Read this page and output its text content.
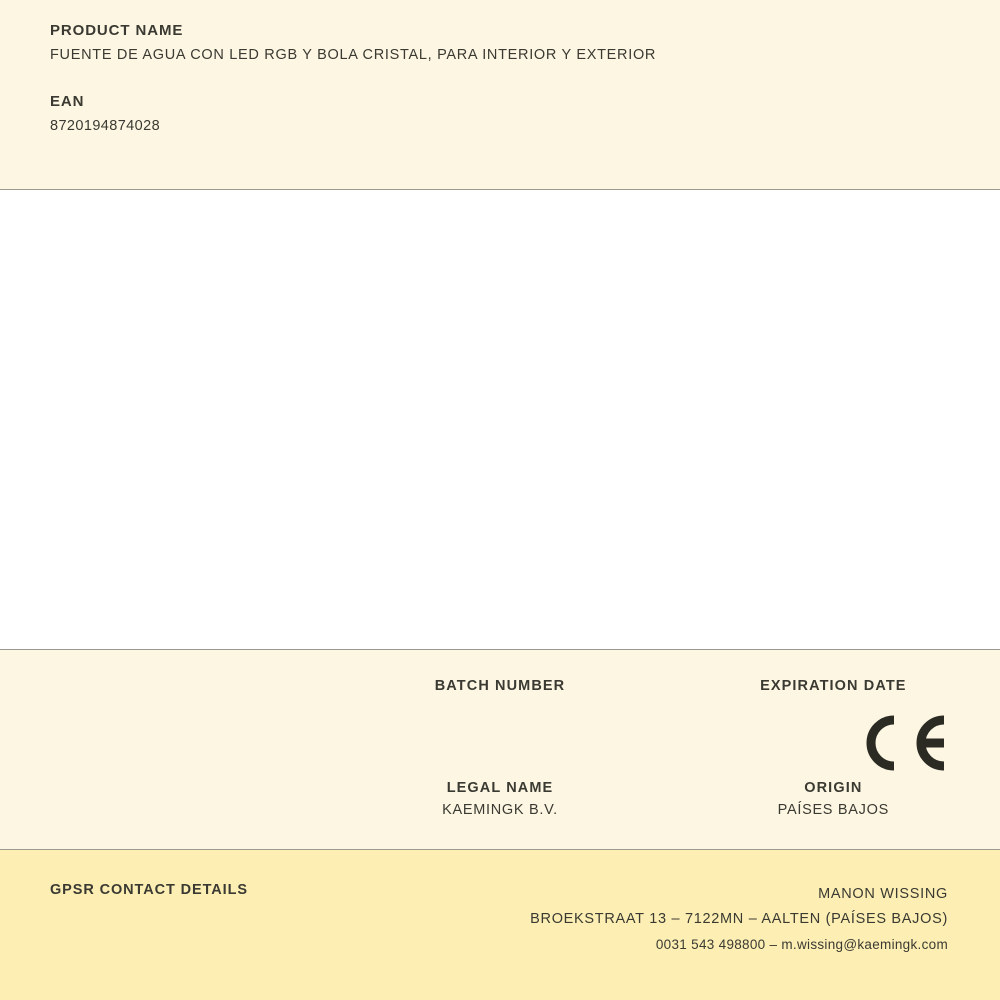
PRODUCT NAME

FUENTE DE AGUA CON LED RGB Y BOLA CRISTAL, PARA INTERIOR Y EXTERIOR

EAN

8720194874028

BATCH NUMBER	EXPIRATION DATE

LEGAL NAME

KAEMINGK B.V.

ORIGIN

PAÍSES BAJOS

GPSR CONTACT DETAILS	MANON WISSING
BROEKSTRAAT 13 – 7122MN – AALTEN (PAÍSES BAJOS)
0031 543 498800 – m.wissing@kaemingk.com
